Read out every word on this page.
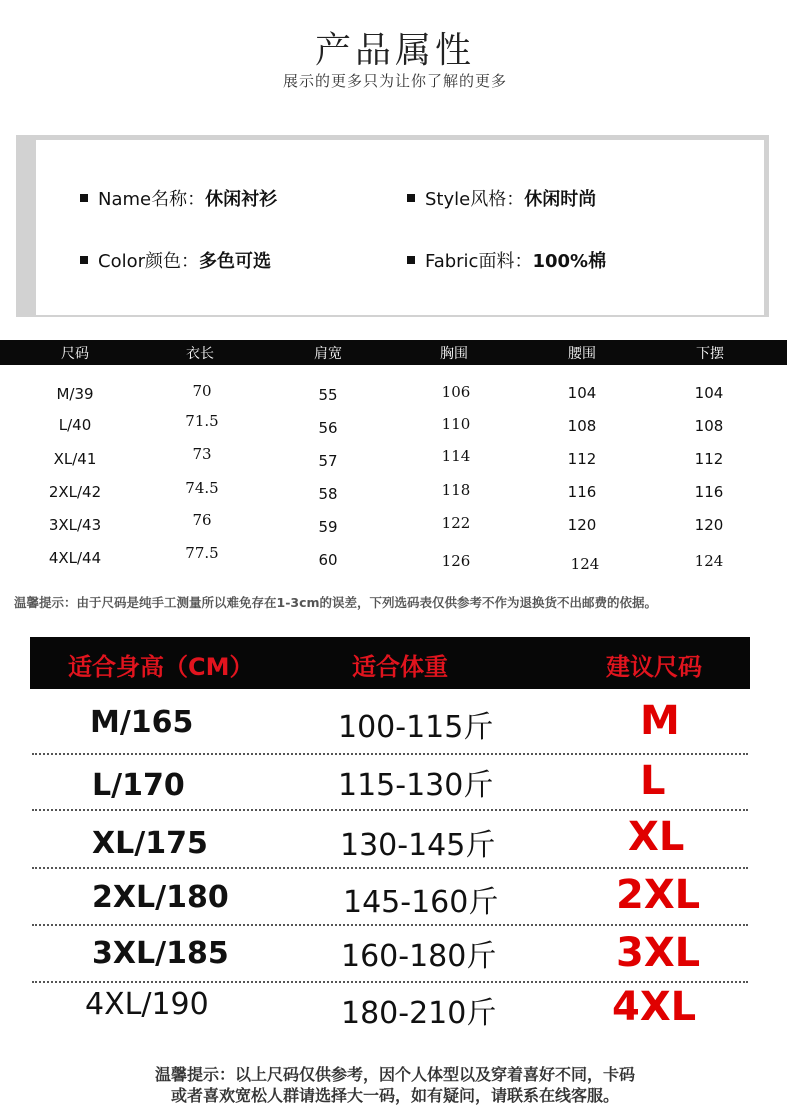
产品属性
展示的更多只为让你了解的更多
Name名称：休闲衬衫	Style风格：休闲时尚
Color颜色：多色可选	Fabric面料：100%棉
尺码	衣长	肩宽	胸围	腰围	下摆
M/39	70	55	106	104	104
L/40	71.5	56	110	108	108
XL/41	73	57	114	112	112
2XL/42	74.5	58	118	116	116
3XL/43	76	59	122	120	120
4XL/44	77.5	60	126	124	124
温馨提示：由于尺码是纯手工测量所以难免存在1-3cm的误差，下列选码表仅供参考不作为退换货不出邮费的依据。
适合身高（CM）	适合体重	建议尺码
M/165	100-115斤	M
L/170	115-130斤	L
XL/175	130-145斤	XL
2XL/180	145-160斤	2XL
3XL/185	160-180斤	3XL
4XL/190	180-210斤	4XL
温馨提示：以上尺码仅供参考，因个人体型以及穿着喜好不同，卡码
或者喜欢宽松人群请选择大一码，如有疑问，请联系在线客服。
